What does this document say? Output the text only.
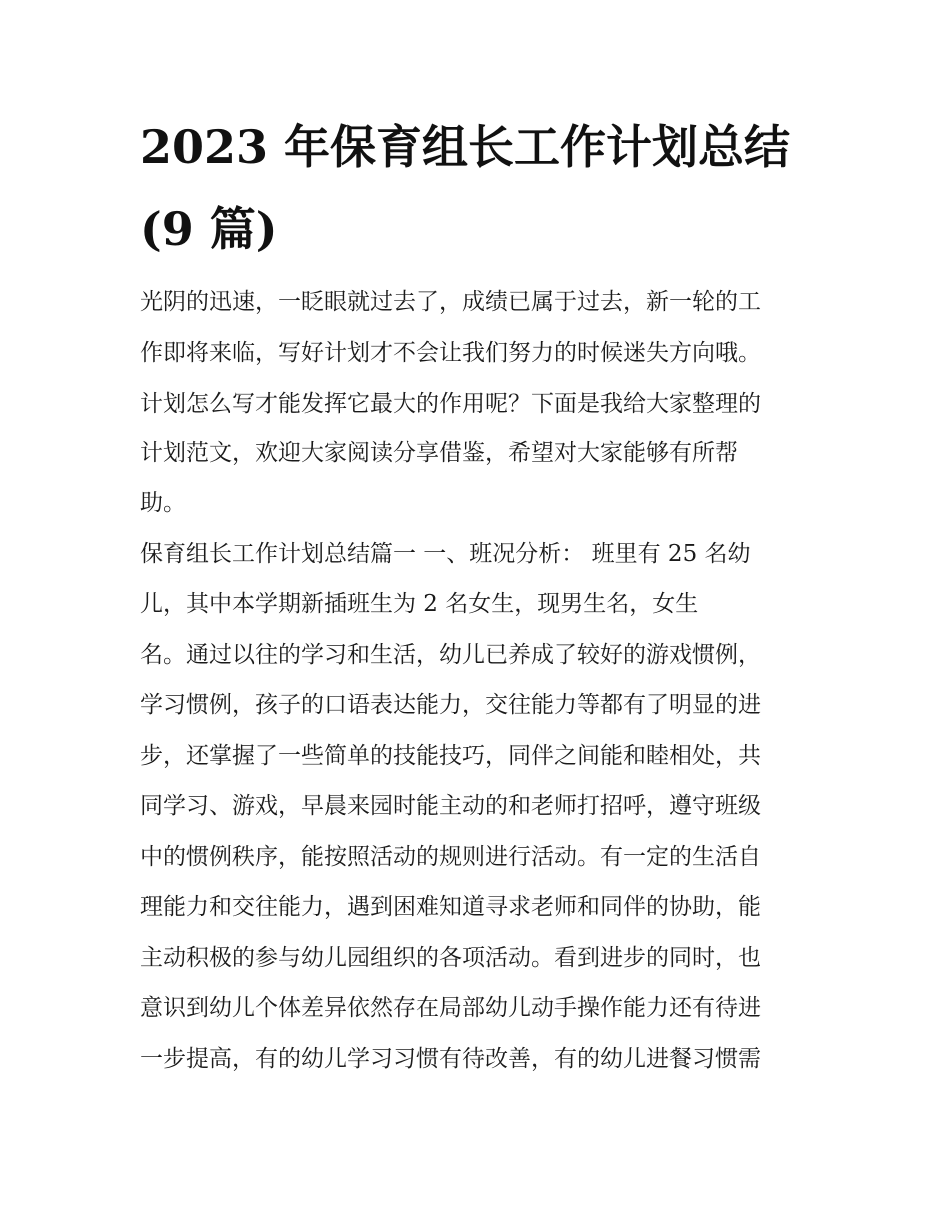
2023 年保育组长工作计划总结
(9 篇)

光阴的迅速，一眨眼就过去了，成绩已属于过去，新一轮的工

作即将来临，写好计划才不会让我们努力的时候迷失方向哦。

计划怎么写才能发挥它最大的作用呢？下面是我给大家整理的

计划范文，欢迎大家阅读分享借鉴，希望对大家能够有所帮

助。

保育组长工作计划总结篇一 一、班况分析： 班里有 25 名幼

儿，其中本学期新插班生为 2 名女生，现男生名，女生

名。通过以往的学习和生活，幼儿已养成了较好的游戏惯例，

学习惯例，孩子的口语表达能力，交往能力等都有了明显的进

步，还掌握了一些简单的技能技巧，同伴之间能和睦相处，共

同学习、游戏，早晨来园时能主动的和老师打招呼，遵守班级

中的惯例秩序，能按照活动的规则进行活动。有一定的生活自

理能力和交往能力，遇到困难知道寻求老师和同伴的协助，能

主动积极的参与幼儿园组织的各项活动。看到进步的同时，也

意识到幼儿个体差异依然存在局部幼儿动手操作能力还有待进

一步提高，有的幼儿学习习惯有待改善，有的幼儿进餐习惯需
